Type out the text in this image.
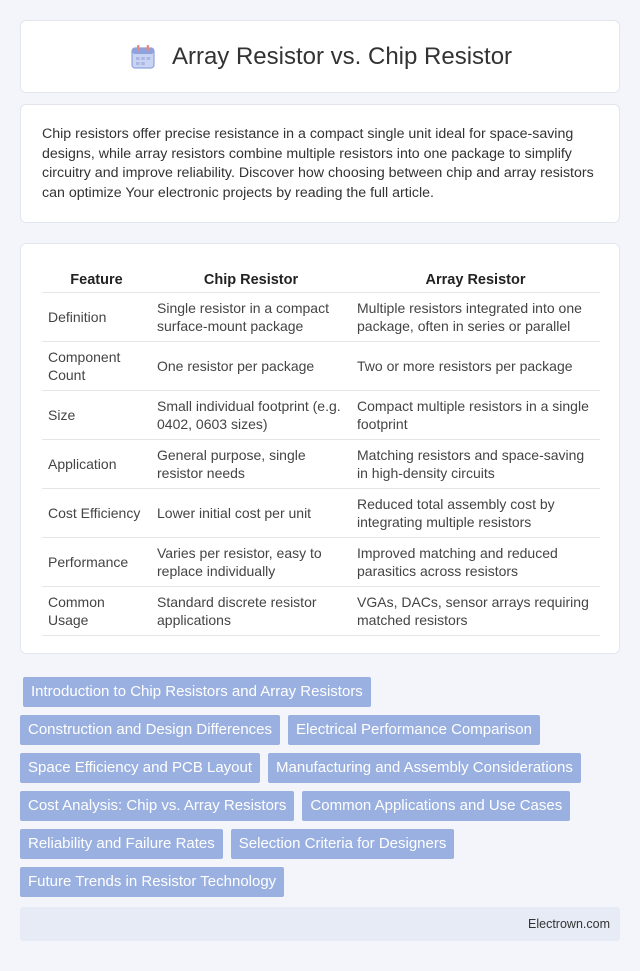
Array Resistor vs. Chip Resistor

Chip resistors offer precise resistance in a compact single unit ideal for space-saving designs, while array resistors combine multiple resistors into one package to simplify circuitry and improve reliability. Discover how choosing between chip and array resistors can optimize Your electronic projects by reading the full article.

Feature	Chip Resistor	Array Resistor
Definition	Single resistor in a compact surface-mount package	Multiple resistors integrated into one package, often in series or parallel
Component Count	One resistor per package	Two or more resistors per package
Size	Small individual footprint (e.g. 0402, 0603 sizes)	Compact multiple resistors in a single footprint
Application	General purpose, single resistor needs	Matching resistors and space-saving in high-density circuits
Cost Efficiency	Lower initial cost per unit	Reduced total assembly cost by integrating multiple resistors
Performance	Varies per resistor, easy to replace individually	Improved matching and reduced parasitics across resistors
Common Usage	Standard discrete resistor applications	VGAs, DACs, sensor arrays requiring matched resistors
Introduction to Chip Resistors and Array Resistors
Construction and Design Differences	Electrical Performance Comparison
Space Efficiency and PCB Layout	Manufacturing and Assembly Considerations
Cost Analysis: Chip vs. Array Resistors	Common Applications and Use Cases
Reliability and Failure Rates	Selection Criteria for Designers
Future Trends in Resistor Technology
Electrown.com
